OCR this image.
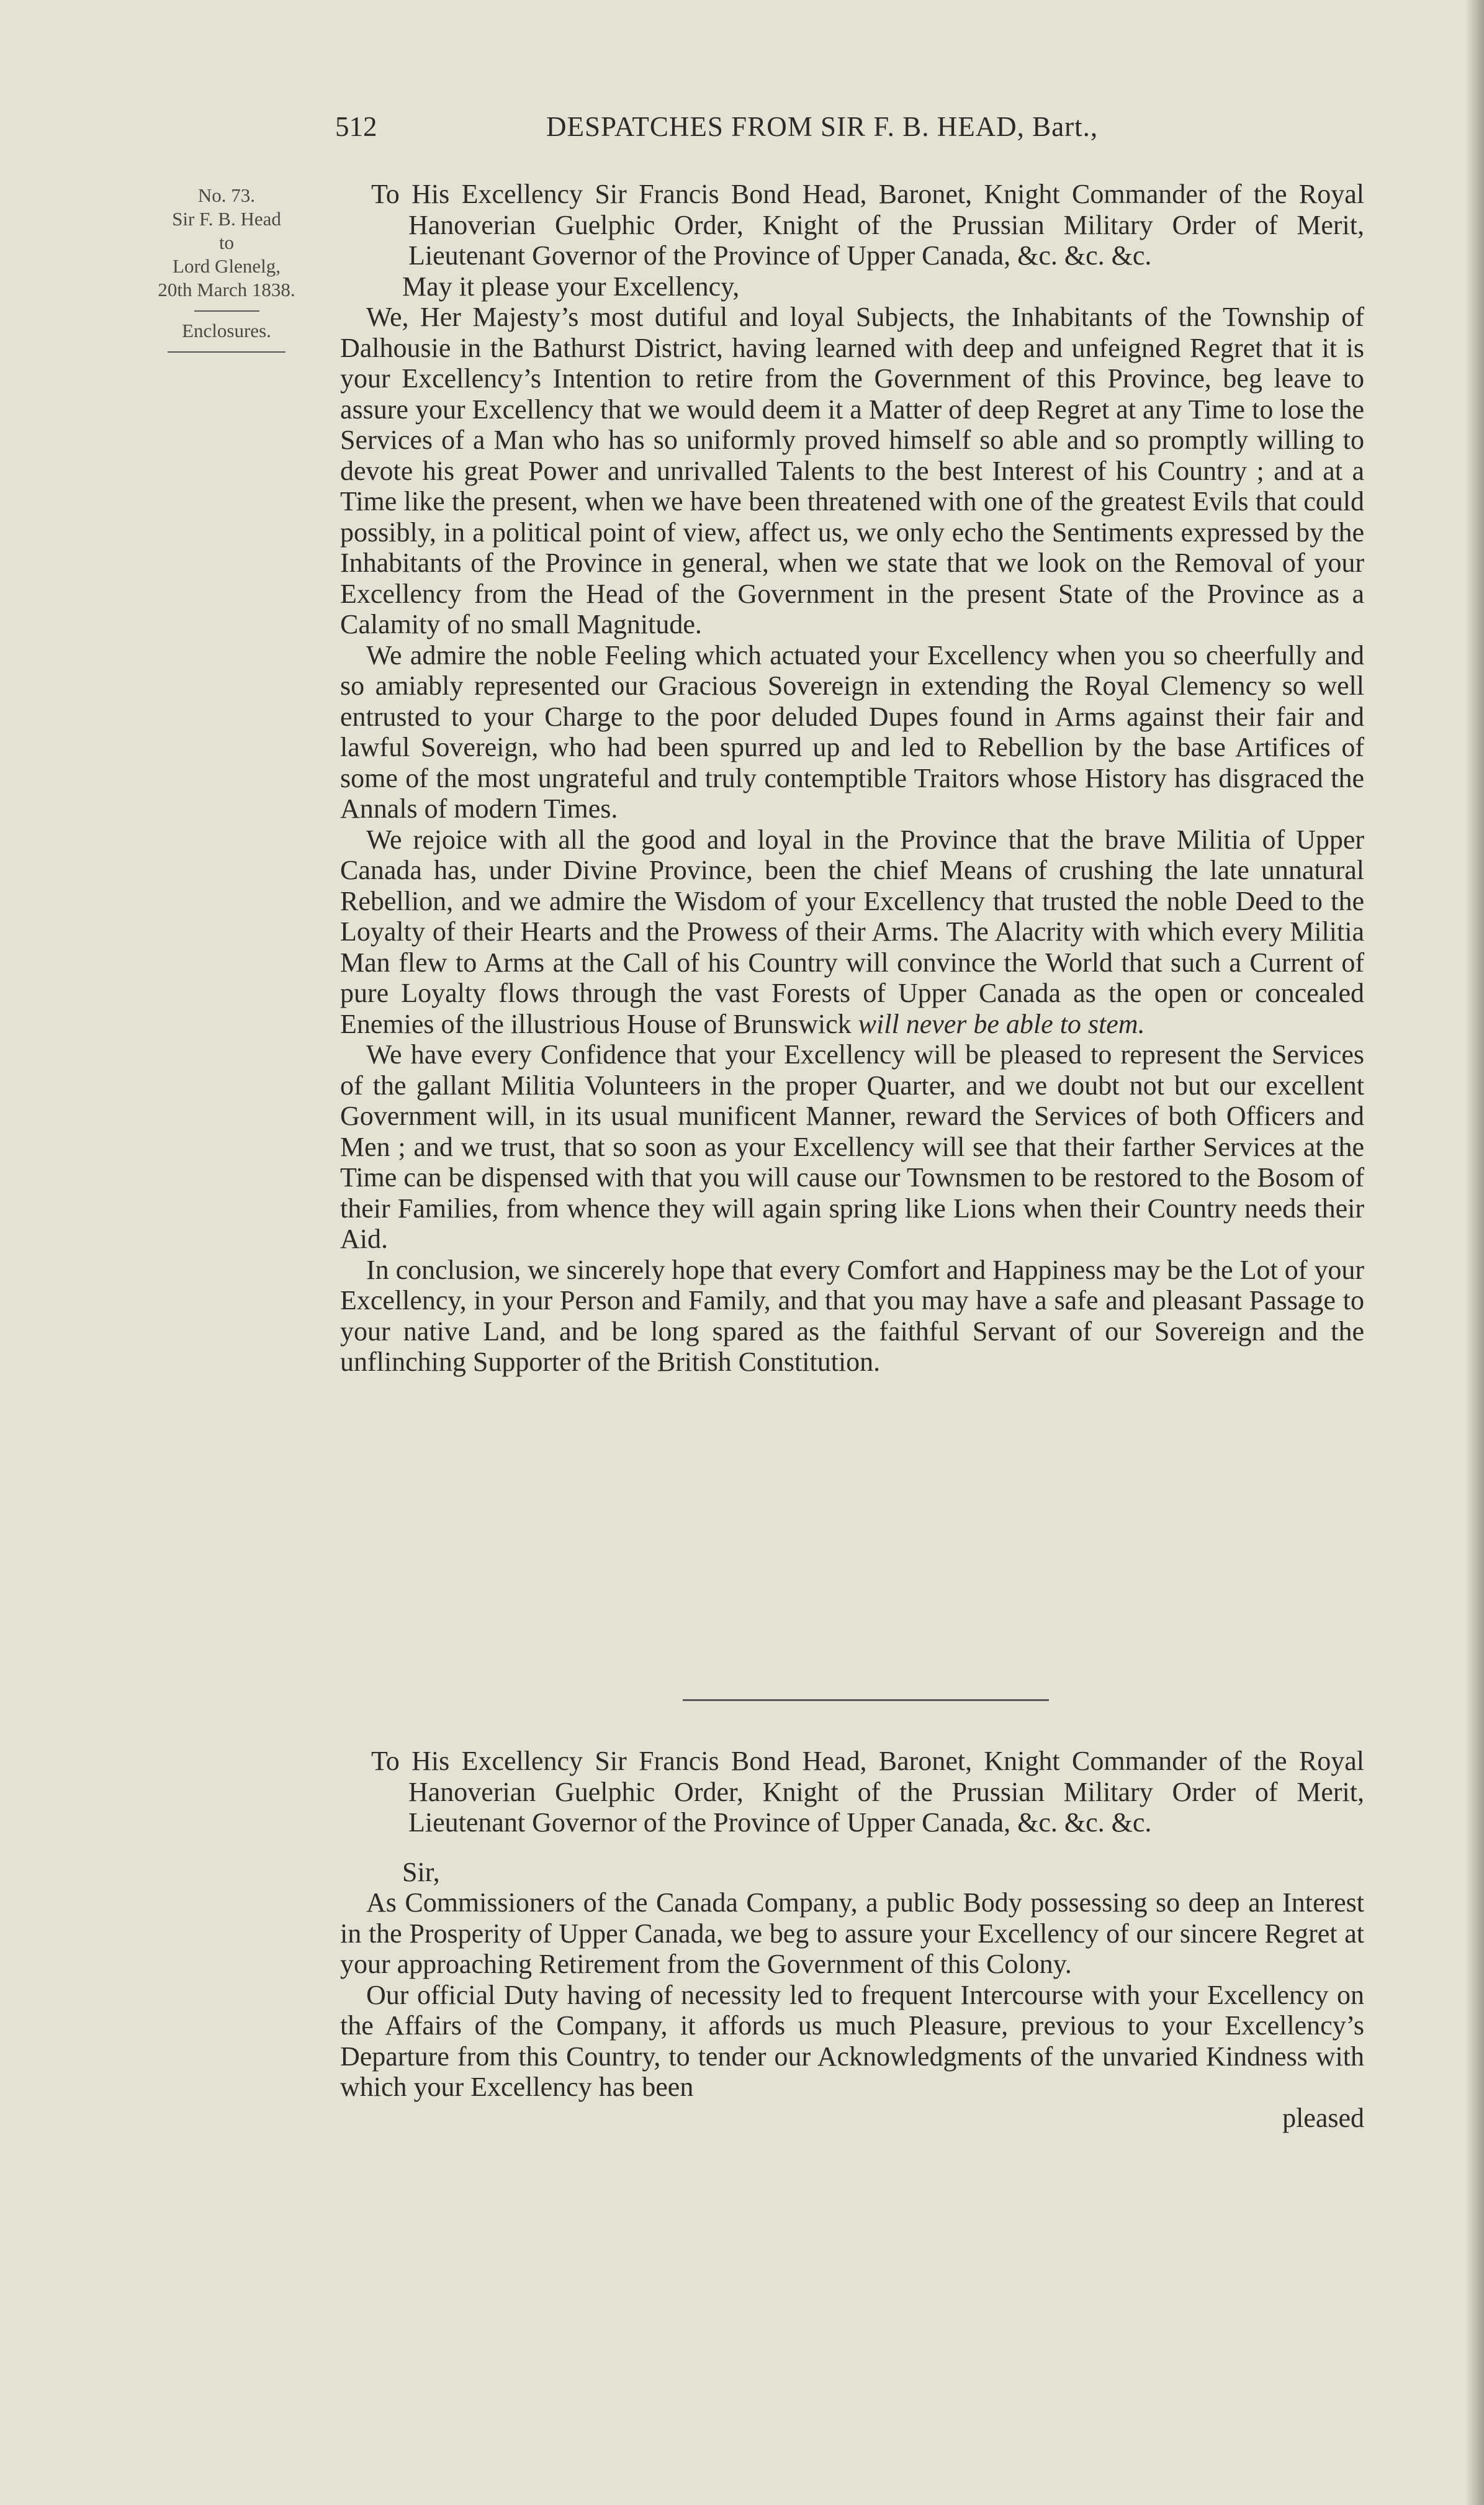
512	DESPATCHES FROM SIR F. B. HEAD, Bart.,
No. 73.
Sir F. B. Head
to
Lord Glenelg,
20th March 1838.
Enclosures.
To His Excellency Sir Francis Bond Head, Baronet, Knight Commander of the Royal Hanoverian Guelphic Order, Knight of the Prussian Military Order of Merit, Lieutenant Governor of the Province of Upper Canada, &c. &c. &c.
May it please your Excellency,
We, Her Majesty’s most dutiful and loyal Subjects, the Inhabitants of the Township of Dalhousie in the Bathurst District, having learned with deep and unfeigned Regret that it is your Excellency’s Intention to retire from the Government of this Province, beg leave to assure your Excellency that we would deem it a Matter of deep Regret at any Time to lose the Services of a Man who has so uniformly proved himself so able and so promptly willing to devote his great Power and unrivalled Talents to the best Interest of his Country ; and at a Time like the present, when we have been threatened with one of the greatest Evils that could possibly, in a political point of view, affect us, we only echo the Sentiments expressed by the Inhabitants of the Province in general, when we state that we look on the Removal of your Excellency from the Head of the Government in the present State of the Province as a Calamity of no small Magnitude.
We admire the noble Feeling which actuated your Excellency when you so cheerfully and so amiably represented our Gracious Sovereign in extending the Royal Clemency so well entrusted to your Charge to the poor deluded Dupes found in Arms against their fair and lawful Sovereign, who had been spurred up and led to Rebellion by the base Artifices of some of the most ungrateful and truly contemptible Traitors whose History has disgraced the Annals of modern Times.
We rejoice with all the good and loyal in the Province that the brave Militia of Upper Canada has, under Divine Province, been the chief Means of crushing the late unnatural Rebellion, and we admire the Wisdom of your Excellency that trusted the noble Deed to the Loyalty of their Hearts and the Prowess of their Arms. The Alacrity with which every Militia Man flew to Arms at the Call of his Country will convince the World that such a Current of pure Loyalty flows through the vast Forests of Upper Canada as the open or concealed Enemies of the illustrious House of Brunswick will never be able to stem.
We have every Confidence that your Excellency will be pleased to represent the Services of the gallant Militia Volunteers in the proper Quarter, and we doubt not but our excellent Government will, in its usual munificent Manner, reward the Services of both Officers and Men ; and we trust, that so soon as your Excellency will see that their farther Services at the Time can be dispensed with that you will cause our Townsmen to be restored to the Bosom of their Families, from whence they will again spring like Lions when their Country needs their Aid.
In conclusion, we sincerely hope that every Comfort and Happiness may be the Lot of your Excellency, in your Person and Family, and that you may have a safe and pleasant Passage to your native Land, and be long spared as the faithful Servant of our Sovereign and the unflinching Supporter of the British Constitution.
To His Excellency Sir Francis Bond Head, Baronet, Knight Commander of the Royal Hanoverian Guelphic Order, Knight of the Prussian Military Order of Merit, Lieutenant Governor of the Province of Upper Canada, &c. &c. &c.
Sir,
As Commissioners of the Canada Company, a public Body possessing so deep an Interest in the Prosperity of Upper Canada, we beg to assure your Excellency of our sincere Regret at your approaching Retirement from the Government of this Colony.
Our official Duty having of necessity led to frequent Intercourse with your Excellency on the Affairs of the Company, it affords us much Pleasure, previous to your Excellency’s Departure from this Country, to tender our Acknowledgments of the unvaried Kindness with which your Excellency has been
pleased
